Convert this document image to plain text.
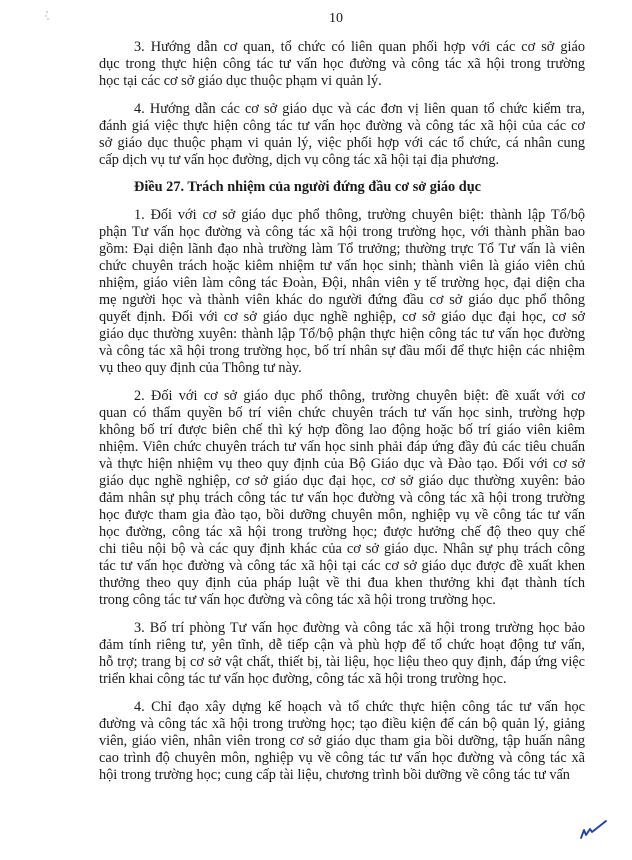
10
3. Hướng dẫn cơ quan, tổ chức có liên quan phối hợp với các cơ sở giáo
dục trong thực hiện công tác tư vấn học đường và công tác xã hội trong trường
học tại các cơ sở giáo dục thuộc phạm vi quản lý.
4. Hướng dẫn các cơ sở giáo dục và các đơn vị liên quan tổ chức kiểm tra,
đánh giá việc thực hiện công tác tư vấn học đường và công tác xã hội của các cơ
sở giáo dục thuộc phạm vi quản lý, việc phối hợp với các tổ chức, cá nhân cung
cấp dịch vụ tư vấn học đường, dịch vụ công tác xã hội tại địa phương.
Điều 27. Trách nhiệm của người đứng đầu cơ sở giáo dục
1. Đối với cơ sở giáo dục phổ thông, trường chuyên biệt: thành lập Tổ/bộ
phận Tư vấn học đường và công tác xã hội trong trường học, với thành phần bao
gồm: Đại diện lãnh đạo nhà trường làm Tổ trưởng; thường trực Tổ Tư vấn là viên
chức chuyên trách hoặc kiêm nhiệm tư vấn học sinh; thành viên là giáo viên chủ
nhiệm, giáo viên làm công tác Đoàn, Đội, nhân viên y tế trường học, đại diện cha
mẹ người học và thành viên khác do người đứng đầu cơ sở giáo dục phổ thông
quyết định. Đối với cơ sở giáo dục nghề nghiệp, cơ sở giáo dục đại học, cơ sở
giáo dục thường xuyên: thành lập Tổ/bộ phận thực hiện công tác tư vấn học đường
và công tác xã hội trong trường học, bố trí nhân sự đầu mối để thực hiện các nhiệm
vụ theo quy định của Thông tư này.
2. Đối với cơ sở giáo dục phổ thông, trường chuyên biệt: đề xuất với cơ
quan có thẩm quyền bố trí viên chức chuyên trách tư vấn học sinh, trường hợp
không bố trí được biên chế thì ký hợp đồng lao động hoặc bố trí giáo viên kiêm
nhiệm. Viên chức chuyên trách tư vấn học sinh phải đáp ứng đầy đủ các tiêu chuẩn
và thực hiện nhiệm vụ theo quy định của Bộ Giáo dục và Đào tạo. Đối với cơ sở
giáo dục nghề nghiệp, cơ sở giáo dục đại học, cơ sở giáo dục thường xuyên: bảo
đảm nhân sự phụ trách công tác tư vấn học đường và công tác xã hội trong trường
học được tham gia đào tạo, bồi dưỡng chuyên môn, nghiệp vụ về công tác tư vấn
học đường, công tác xã hội trong trường học; được hưởng chế độ theo quy chế
chi tiêu nội bộ và các quy định khác của cơ sở giáo dục. Nhân sự phụ trách công
tác tư vấn học đường và công tác xã hội tại các cơ sở giáo dục được đề xuất khen
thưởng theo quy định của pháp luật về thi đua khen thưởng khi đạt thành tích
trong công tác tư vấn học đường và công tác xã hội trong trường học.
3. Bố trí phòng Tư vấn học đường và công tác xã hội trong trường học bảo
đảm tính riêng tư, yên tĩnh, dễ tiếp cận và phù hợp để tổ chức hoạt động tư vấn,
hỗ trợ; trang bị cơ sở vật chất, thiết bị, tài liệu, học liệu theo quy định, đáp ứng việc
triển khai công tác tư vấn học đường, công tác xã hội trong trường học.
4. Chỉ đạo xây dựng kế hoạch và tổ chức thực hiện công tác tư vấn học
đường và công tác xã hội trong trường học; tạo điều kiện để cán bộ quản lý, giảng
viên, giáo viên, nhân viên trong cơ sở giáo dục tham gia bồi dưỡng, tập huấn nâng
cao trình độ chuyên môn, nghiệp vụ về công tác tư vấn học đường và công tác xã
hội trong trường học; cung cấp tài liệu, chương trình bồi dưỡng về công tác tư vấn
